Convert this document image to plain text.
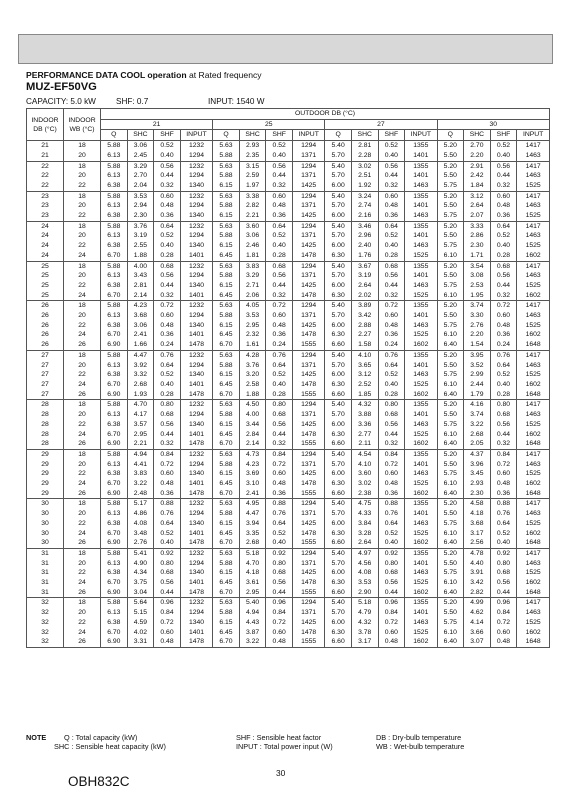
PERFORMANCE DATA COOL operation at Rated frequency
MUZ-EF50VG
CAPACITY: 5.0 kW SHF: 0.7	INPUT: 1540 W
INDOOR DB (°C)	INDOOR WB (°C)	OUTDOOR DB (°C)															
		21				25				27				30			
		Q	SHC	SHF	INPUT	Q	SHC	SHF	INPUT	Q	SHC	SHF	INPUT	Q	SHC	SHF	INPUT
21	18	5.88	3.06	0.52	1232	5.63	2.93	0.52	1294	5.40	2.81	0.52	1355	5.20	2.70	0.52	1417
21	20	6.13	2.45	0.40	1294	5.88	2.35	0.40	1371	5.70	2.28	0.40	1401	5.50	2.20	0.40	1463
22	18	5.88	3.29	0.56	1232	5.63	3.15	0.56	1294	5.40	3.02	0.56	1355	5.20	2.91	0.56	1417
22	20	6.13	2.70	0.44	1294	5.88	2.59	0.44	1371	5.70	2.51	0.44	1401	5.50	2.42	0.44	1463
22	22	6.38	2.04	0.32	1340	6.15	1.97	0.32	1425	6.00	1.92	0.32	1463	5.75	1.84	0.32	1525
23	18	5.88	3.53	0.60	1232	5.63	3.38	0.60	1294	5.40	3.24	0.60	1355	5.20	3.12	0.60	1417
23	20	6.13	2.94	0.48	1294	5.88	2.82	0.48	1371	5.70	2.74	0.48	1401	5.50	2.64	0.48	1463
23	22	6.38	2.30	0.36	1340	6.15	2.21	0.36	1425	6.00	2.16	0.36	1463	5.75	2.07	0.36	1525
24	18	5.88	3.76	0.64	1232	5.63	3.60	0.64	1294	5.40	3.46	0.64	1355	5.20	3.33	0.64	1417
24	20	6.13	3.19	0.52	1294	5.88	3.06	0.52	1371	5.70	2.96	0.52	1401	5.50	2.86	0.52	1463
24	22	6.38	2.55	0.40	1340	6.15	2.46	0.40	1425	6.00	2.40	0.40	1463	5.75	2.30	0.40	1525
24	24	6.70	1.88	0.28	1401	6.45	1.81	0.28	1478	6.30	1.76	0.28	1525	6.10	1.71	0.28	1602
25	18	5.88	4.00	0.68	1232	5.63	3.83	0.68	1294	5.40	3.67	0.68	1355	5.20	3.54	0.68	1417
25	20	6.13	3.43	0.56	1294	5.88	3.29	0.56	1371	5.70	3.19	0.56	1401	5.50	3.08	0.56	1463
25	22	6.38	2.81	0.44	1340	6.15	2.71	0.44	1425	6.00	2.64	0.44	1463	5.75	2.53	0.44	1525
25	24	6.70	2.14	0.32	1401	6.45	2.06	0.32	1478	6.30	2.02	0.32	1525	6.10	1.95	0.32	1602
26	18	5.88	4.23	0.72	1232	5.63	4.05	0.72	1294	5.40	3.89	0.72	1355	5.20	3.74	0.72	1417
26	20	6.13	3.68	0.60	1294	5.88	3.53	0.60	1371	5.70	3.42	0.60	1401	5.50	3.30	0.60	1463
26	22	6.38	3.06	0.48	1340	6.15	2.95	0.48	1425	6.00	2.88	0.48	1463	5.75	2.76	0.48	1525
26	24	6.70	2.41	0.36	1401	6.45	2.32	0.36	1478	6.30	2.27	0.36	1525	6.10	2.20	0.36	1602
26	26	6.90	1.66	0.24	1478	6.70	1.61	0.24	1555	6.60	1.58	0.24	1602	6.40	1.54	0.24	1648
27	18	5.88	4.47	0.76	1232	5.63	4.28	0.76	1294	5.40	4.10	0.76	1355	5.20	3.95	0.76	1417
27	20	6.13	3.92	0.64	1294	5.88	3.76	0.64	1371	5.70	3.65	0.64	1401	5.50	3.52	0.64	1463
27	22	6.38	3.32	0.52	1340	6.15	3.20	0.52	1425	6.00	3.12	0.52	1463	5.75	2.99	0.52	1525
27	24	6.70	2.68	0.40	1401	6.45	2.58	0.40	1478	6.30	2.52	0.40	1525	6.10	2.44	0.40	1602
27	26	6.90	1.93	0.28	1478	6.70	1.88	0.28	1555	6.60	1.85	0.28	1602	6.40	1.79	0.28	1648
28	18	5.88	4.70	0.80	1232	5.63	4.50	0.80	1294	5.40	4.32	0.80	1355	5.20	4.16	0.80	1417
28	20	6.13	4.17	0.68	1294	5.88	4.00	0.68	1371	5.70	3.88	0.68	1401	5.50	3.74	0.68	1463
28	22	6.38	3.57	0.56	1340	6.15	3.44	0.56	1425	6.00	3.36	0.56	1463	5.75	3.22	0.56	1525
28	24	6.70	2.95	0.44	1401	6.45	2.84	0.44	1478	6.30	2.77	0.44	1525	6.10	2.68	0.44	1602
28	26	6.90	2.21	0.32	1478	6.70	2.14	0.32	1555	6.60	2.11	0.32	1602	6.40	2.05	0.32	1648
29	18	5.88	4.94	0.84	1232	5.63	4.73	0.84	1294	5.40	4.54	0.84	1355	5.20	4.37	0.84	1417
29	20	6.13	4.41	0.72	1294	5.88	4.23	0.72	1371	5.70	4.10	0.72	1401	5.50	3.96	0.72	1463
29	22	6.38	3.83	0.60	1340	6.15	3.69	0.60	1425	6.00	3.60	0.60	1463	5.75	3.45	0.60	1525
29	24	6.70	3.22	0.48	1401	6.45	3.10	0.48	1478	6.30	3.02	0.48	1525	6.10	2.93	0.48	1602
29	26	6.90	2.48	0.36	1478	6.70	2.41	0.36	1555	6.60	2.38	0.36	1602	6.40	2.30	0.36	1648
30	18	5.88	5.17	0.88	1232	5.63	4.95	0.88	1294	5.40	4.75	0.88	1355	5.20	4.58	0.88	1417
30	20	6.13	4.86	0.76	1294	5.88	4.47	0.76	1371	5.70	4.33	0.76	1401	5.50	4.18	0.76	1463
30	22	6.38	4.08	0.64	1340	6.15	3.94	0.64	1425	6.00	3.84	0.64	1463	5.75	3.68	0.64	1525
30	24	6.70	3.48	0.52	1401	6.45	3.35	0.52	1478	6.30	3.28	0.52	1525	6.10	3.17	0.52	1602
30	26	6.90	2.76	0.40	1478	6.70	2.68	0.40	1555	6.60	2.64	0.40	1602	6.40	2.56	0.40	1648
31	18	5.88	5.41	0.92	1232	5.63	5.18	0.92	1294	5.40	4.97	0.92	1355	5.20	4.78	0.92	1417
31	20	6.13	4.90	0.80	1294	5.88	4.70	0.80	1371	5.70	4.56	0.80	1401	5.50	4.40	0.80	1463
31	22	6.38	4.34	0.68	1340	6.15	4.18	0.68	1425	6.00	4.08	0.68	1463	5.75	3.91	0.68	1525
31	24	6.70	3.75	0.56	1401	6.45	3.61	0.56	1478	6.30	3.53	0.56	1525	6.10	3.42	0.56	1602
31	26	6.90	3.04	0.44	1478	6.70	2.95	0.44	1555	6.60	2.90	0.44	1602	6.40	2.82	0.44	1648
32	18	5.88	5.64	0.96	1232	5.63	5.40	0.96	1294	5.40	5.18	0.96	1355	5.20	4.99	0.96	1417
32	20	6.13	5.15	0.84	1294	5.88	4.94	0.84	1371	5.70	4.79	0.84	1401	5.50	4.62	0.84	1463
32	22	6.38	4.59	0.72	1340	6.15	4.43	0.72	1425	6.00	4.32	0.72	1463	5.75	4.14	0.72	1525
32	24	6.70	4.02	0.60	1401	6.45	3.87	0.60	1478	6.30	3.78	0.60	1525	6.10	3.66	0.60	1602
32	26	6.90	3.31	0.48	1478	6.70	3.22	0.48	1555	6.60	3.17	0.48	1602	6.40	3.07	0.48	1648
NOTE Q : Total capacity (kW)	SHF : Sensible heat factor	DB : Dry-bulb temperature
SHC : Sensible heat capacity (kW)	INPUT : Total power input (W)	WB : Wet-bulb temperature
30
OBH832C
